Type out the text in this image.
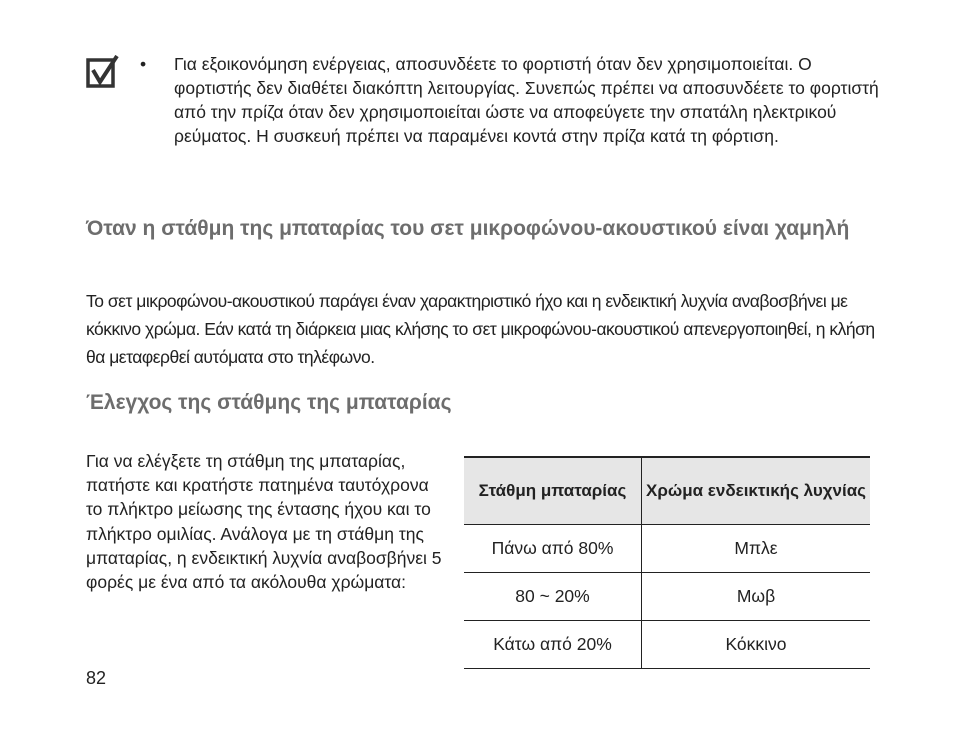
• Για εξοικονόμηση ενέργειας, αποσυνδέετε το φορτιστή όταν δεν χρησιμοποιείται. Ο φορτιστής δεν διαθέτει διακόπτη λειτουργίας. Συνεπώς πρέπει να αποσυνδέετε το φορτιστή από την πρίζα όταν δεν χρησιμοποιείται ώστε να αποφεύγετε την σπατάλη ηλεκτρικού ρεύματος. Η συσκευή πρέπει να παραμένει κοντά στην πρίζα κατά τη φόρτιση.
Όταν η στάθμη της μπαταρίας του σετ μικροφώνου-ακουστικού είναι χαμηλή
Το σετ μικροφώνου-ακουστικού παράγει έναν χαρακτηριστικό ήχο και η ενδεικτική λυχνία αναβοσβήνει με κόκκινο χρώμα. Εάν κατά τη διάρκεια μιας κλήσης το σετ μικροφώνου-ακουστικού απενεργοποιηθεί, η κλήση θα μεταφερθεί αυτόματα στο τηλέφωνο.
Έλεγχος της στάθμης της μπαταρίας
Για να ελέγξετε τη στάθμη της μπαταρίας, πατήστε και κρατήστε πατημένα ταυτόχρονα το πλήκτρο μείωσης της έντασης ήχου και το πλήκτρο ομιλίας. Ανάλογα με τη στάθμη της μπαταρίας, η ενδεικτική λυχνία αναβοσβήνει 5 φορές με ένα από τα ακόλουθα χρώματα:
Στάθμη μπαταρίας	Χρώμα ενδεικτικής λυχνίας
Πάνω από 80%	Μπλε
80 ~ 20%	Μωβ
Κάτω από 20%	Κόκκινο
82
